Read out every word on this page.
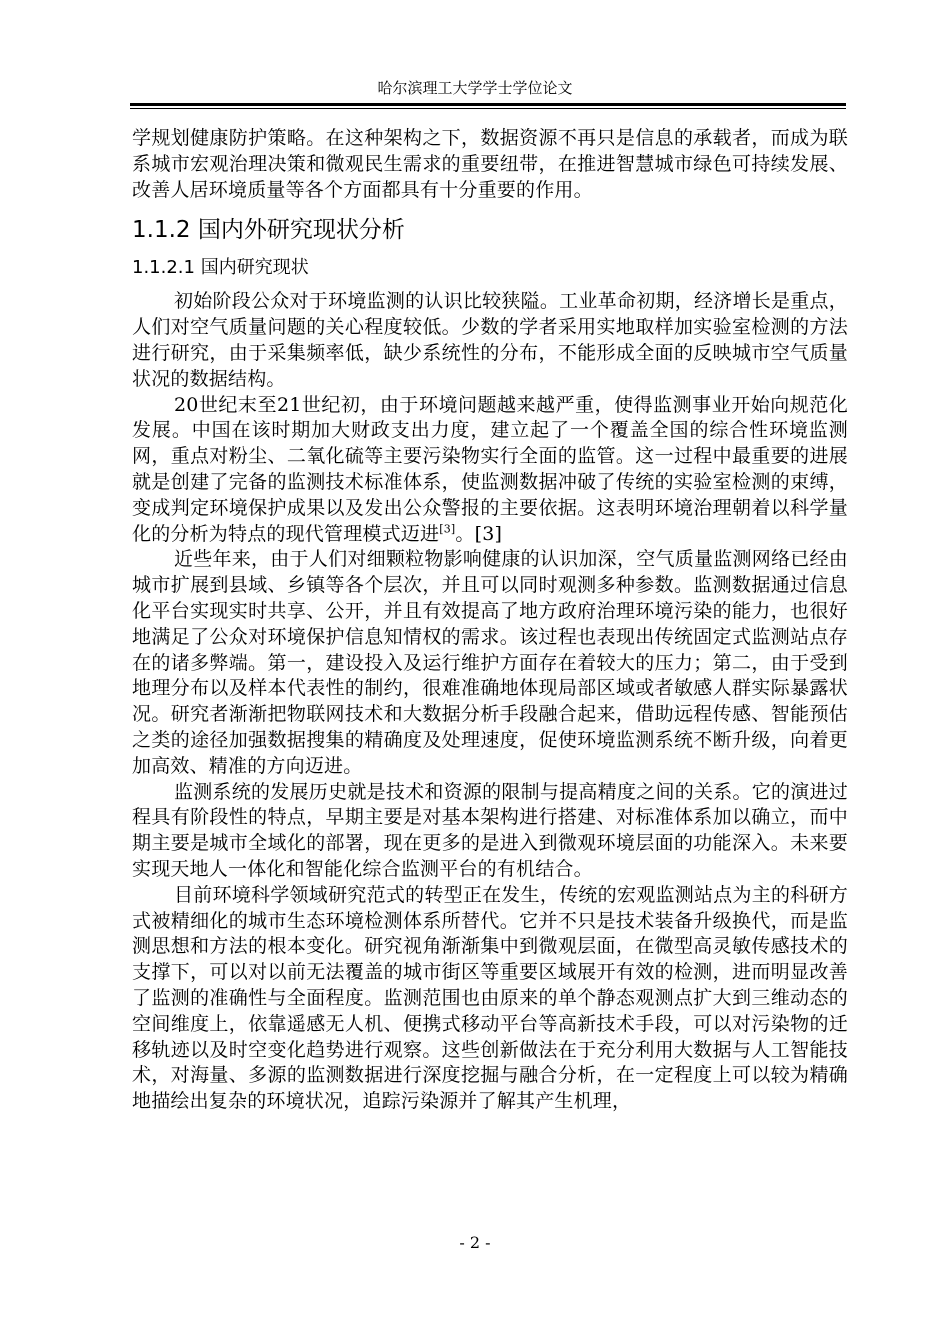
哈尔滨理工大学学士学位论文

学规划健康防护策略。在这种架构之下，数据资源不再只是信息的承载者，而成为联系城市宏观治理决策和微观民生需求的重要纽带，在推进智慧城市绿色可持续发展、改善人居环境质量等各个方面都具有十分重要的作用。

1.1.2 国内外研究现状分析
1.1.2.1 国内研究现状

初始阶段公众对于环境监测的认识比较狭隘。工业革命初期，经济增长是重点，人们对空气质量问题的关心程度较低。少数的学者采用实地取样加实验室检测的方法进行研究，由于采集频率低，缺少系统性的分布，不能形成全面的反映城市空气质量状况的数据结构。

20世纪末至21世纪初，由于环境问题越来越严重，使得监测事业开始向规范化发展。中国在该时期加大财政支出力度，建立起了一个覆盖全国的综合性环境监测网，重点对粉尘、二氧化硫等主要污染物实行全面的监管。这一过程中最重要的进展就是创建了完备的监测技术标准体系，使监测数据冲破了传统的实验室检测的束缚，变成判定环境保护成果以及发出公众警报的主要依据。这表明环境治理朝着以科学量化的分析为特点的现代管理模式迈进[3]。[3]

近些年来，由于人们对细颗粒物影响健康的认识加深，空气质量监测网络已经由城市扩展到县域、乡镇等各个层次，并且可以同时观测多种参数。监测数据通过信息化平台实现实时共享、公开，并且有效提高了地方政府治理环境污染的能力，也很好地满足了公众对环境保护信息知情权的需求。该过程也表现出传统固定式监测站点存在的诸多弊端。第一，建设投入及运行维护方面存在着较大的压力；第二，由于受到地理分布以及样本代表性的制约，很难准确地体现局部区域或者敏感人群实际暴露状况。研究者渐渐把物联网技术和大数据分析手段融合起来，借助远程传感、智能预估之类的途径加强数据搜集的精确度及处理速度，促使环境监测系统不断升级，向着更加高效、精准的方向迈进。

监测系统的发展历史就是技术和资源的限制与提高精度之间的关系。它的演进过程具有阶段性的特点，早期主要是对基本架构进行搭建、对标准体系加以确立，而中期主要是城市全域化的部署，现在更多的是进入到微观环境层面的功能深入。未来要实现天地人一体化和智能化综合监测平台的有机结合。

目前环境科学领域研究范式的转型正在发生，传统的宏观监测站点为主的科研方式被精细化的城市生态环境检测体系所替代。它并不只是技术装备升级换代，而是监测思想和方法的根本变化。研究视角渐渐集中到微观层面，在微型高灵敏传感技术的支撑下，可以对以前无法覆盖的城市街区等重要区域展开有效的检测，进而明显改善了监测的准确性与全面程度。监测范围也由原来的单个静态观测点扩大到三维动态的空间维度上，依靠遥感无人机、便携式移动平台等高新技术手段，可以对污染物的迁移轨迹以及时空变化趋势进行观察。这些创新做法在于充分利用大数据与人工智能技术，对海量、多源的监测数据进行深度挖掘与融合分析，在一定程度上可以较为精确地描绘出复杂的环境状况，追踪污染源并了解其产生机理，

- 2 -
